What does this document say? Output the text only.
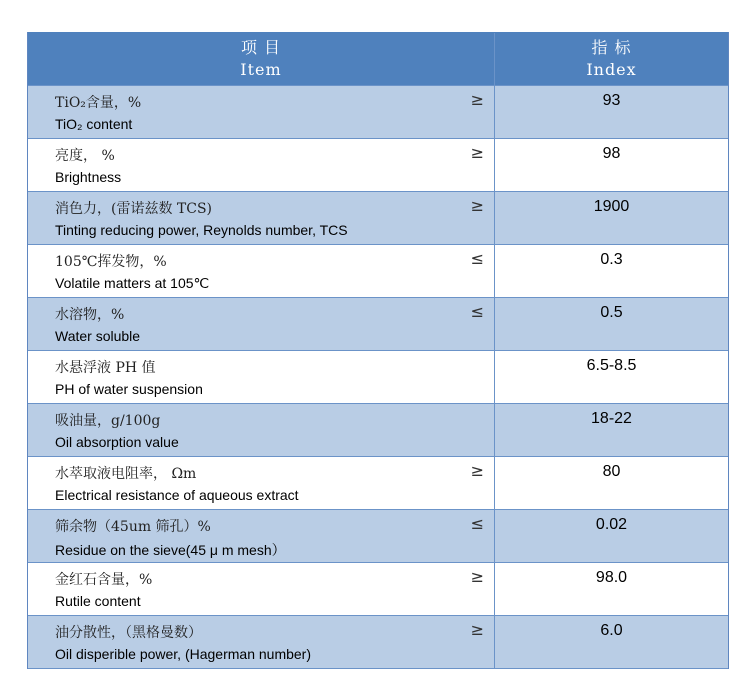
项 目
Item
指 标
Index
TiO₂含量，%
TiO₂ content
≥	93
亮度， %
Brightness
≥	98
消色力，(雷诺兹数 TCS)
Tinting reducing power, Reynolds number, TCS
≥	1900
105℃挥发物，%
Volatile matters at 105℃
≤	0.3
水溶物，%
Water soluble
≤	0.5
水悬浮液 PH 值
PH of water suspension
6.5-8.5
吸油量，g/100g
Oil absorption value
18-22
水萃取液电阻率， Ωm
Electrical resistance of aqueous extract
≥	80
筛余物（45um 筛孔）%
Residue on the sieve(45 μ m mesh）
≤	0.02
金红石含量，%
Rutile content
≥	98.0
油分散性，（黑格曼数）
Oil disperible power, (Hagerman number)
≥	6.0
